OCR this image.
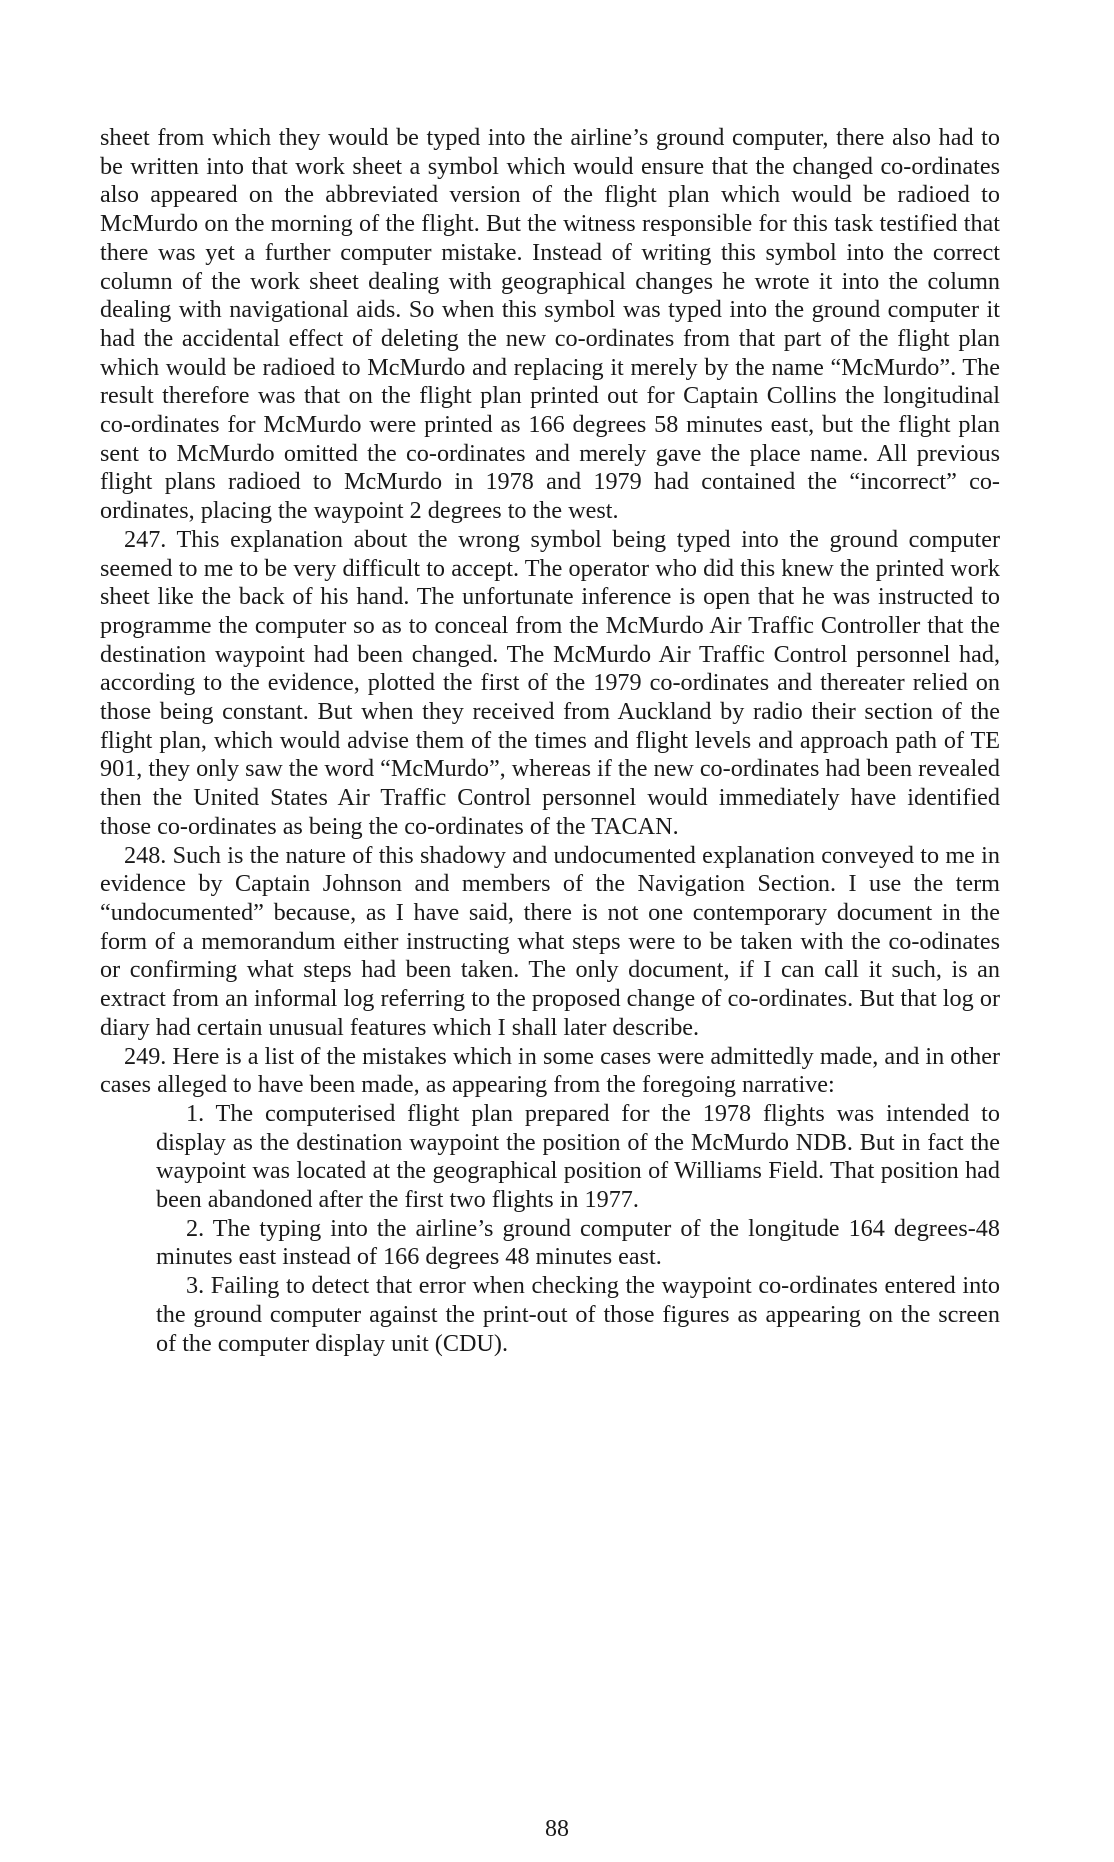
sheet from which they would be typed into the airline’s ground computer, there also had to be written into that work sheet a symbol which would ensure that the changed co-ordinates also appeared on the abbreviated version of the flight plan which would be radioed to McMurdo on the morning of the flight. But the witness responsible for this task testified that there was yet a further computer mistake. Instead of writing this symbol into the correct column of the work sheet dealing with geographical changes he wrote it into the column dealing with navigational aids. So when this symbol was typed into the ground computer it had the accidental effect of deleting the new co-ordinates from that part of the flight plan which would be radioed to McMurdo and replacing it merely by the name “McMurdo”. The result therefore was that on the flight plan printed out for Captain Collins the longitudinal co-ordinates for McMurdo were printed as 166 degrees 58 minutes east, but the flight plan sent to McMurdo omitted the co-ordinates and merely gave the place name. All previous flight plans radioed to McMurdo in 1978 and 1979 had contained the “incorrect” co-ordinates, placing the waypoint 2 degrees to the west.

247. This explanation about the wrong symbol being typed into the ground computer seemed to me to be very difficult to accept. The operator who did this knew the printed work sheet like the back of his hand. The unfortunate inference is open that he was instructed to programme the computer so as to conceal from the McMurdo Air Traffic Controller that the destination waypoint had been changed. The McMurdo Air Traffic Control personnel had, according to the evidence, plotted the first of the 1979 co-ordinates and thereater relied on those being constant. But when they received from Auckland by radio their section of the flight plan, which would advise them of the times and flight levels and approach path of TE 901, they only saw the word “McMurdo”, whereas if the new co-ordinates had been revealed then the United States Air Traffic Control personnel would immediately have identified those co-ordinates as being the co-ordinates of the TACAN.

248. Such is the nature of this shadowy and undocumented explanation conveyed to me in evidence by Captain Johnson and members of the Navigation Section. I use the term “undocumented” because, as I have said, there is not one contemporary document in the form of a memorandum either instructing what steps were to be taken with the co-odinates or confirming what steps had been taken. The only document, if I can call it such, is an extract from an informal log referring to the proposed change of co-ordinates. But that log or diary had certain unusual features which I shall later describe.

249. Here is a list of the mistakes which in some cases were admittedly made, and in other cases alleged to have been made, as appearing from the foregoing narrative:

1. The computerised flight plan prepared for the 1978 flights was intended to display as the destination waypoint the position of the McMurdo NDB. But in fact the waypoint was located at the geographical position of Williams Field. That position had been abandoned after the first two flights in 1977.

2. The typing into the airline’s ground computer of the longitude 164 degrees-48 minutes east instead of 166 degrees 48 minutes east.

3. Failing to detect that error when checking the waypoint co-ordinates entered into the ground computer against the print-out of those figures as appearing on the screen of the computer display unit (CDU).

88
